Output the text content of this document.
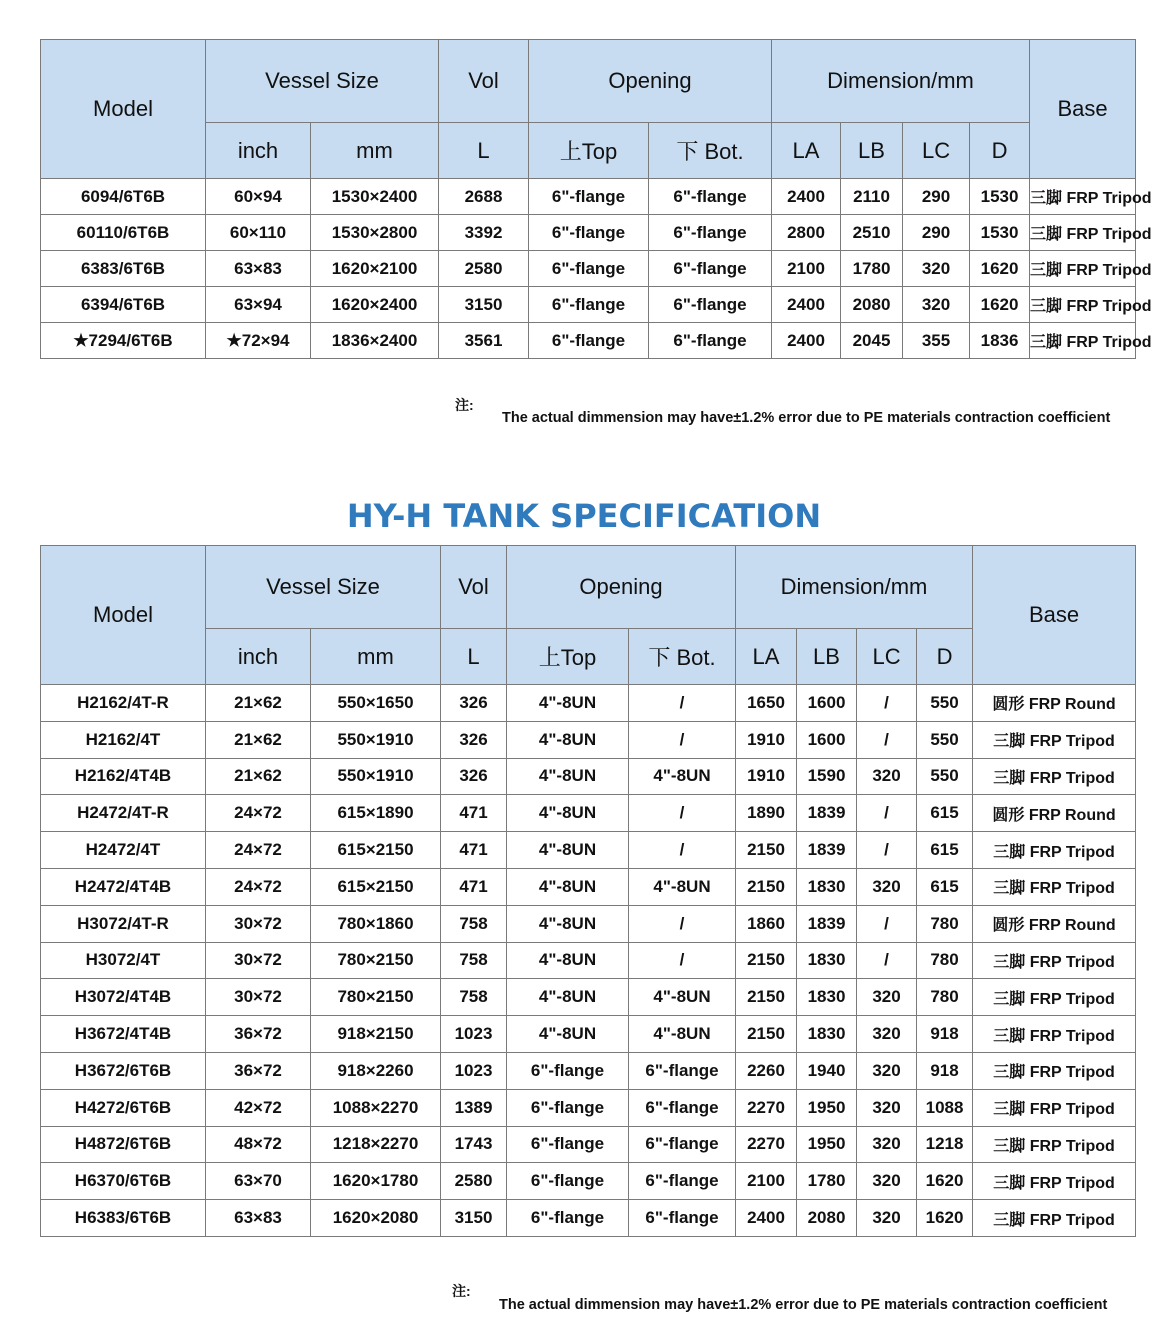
Model	Vessel Size		Vol	Opening		Dimension/mm				Base
	inch	mm	L	上Top	下 Bot.	LA	LB	LC	D	
6094/6T6B	60×94	1530×2400	2688	6"-flange	6"-flange	2400	2110	290	1530	三脚 FRP Tripod
60110/6T6B	60×110	1530×2800	3392	6"-flange	6"-flange	2800	2510	290	1530	三脚 FRP Tripod
6383/6T6B	63×83	1620×2100	2580	6"-flange	6"-flange	2100	1780	320	1620	三脚 FRP Tripod
6394/6T6B	63×94	1620×2400	3150	6"-flange	6"-flange	2400	2080	320	1620	三脚 FRP Tripod
★7294/6T6B	★72×94	1836×2400	3561	6"-flange	6"-flange	2400	2045	355	1836	三脚 FRP Tripod
注:
The actual dimmension may have±1.2% error due to PE materials contraction coefficient
HY-H TANK SPECIFICATION
Model	Vessel Size		Vol	Opening		Dimension/mm				Base
	inch	mm	L	上Top	下 Bot.	LA	LB	LC	D	
H2162/4T-R	21×62	550×1650	326	4"-8UN	/	1650	1600	/	550	圆形 FRP Round
H2162/4T	21×62	550×1910	326	4"-8UN	/	1910	1600	/	550	三脚 FRP Tripod
H2162/4T4B	21×62	550×1910	326	4"-8UN	4"-8UN	1910	1590	320	550	三脚 FRP Tripod
H2472/4T-R	24×72	615×1890	471	4"-8UN	/	1890	1839	/	615	圆形 FRP Round
H2472/4T	24×72	615×2150	471	4"-8UN	/	2150	1839	/	615	三脚 FRP Tripod
H2472/4T4B	24×72	615×2150	471	4"-8UN	4"-8UN	2150	1830	320	615	三脚 FRP Tripod
H3072/4T-R	30×72	780×1860	758	4"-8UN	/	1860	1839	/	780	圆形 FRP Round
H3072/4T	30×72	780×2150	758	4"-8UN	/	2150	1830	/	780	三脚 FRP Tripod
H3072/4T4B	30×72	780×2150	758	4"-8UN	4"-8UN	2150	1830	320	780	三脚 FRP Tripod
H3672/4T4B	36×72	918×2150	1023	4"-8UN	4"-8UN	2150	1830	320	918	三脚 FRP Tripod
H3672/6T6B	36×72	918×2260	1023	6"-flange	6"-flange	2260	1940	320	918	三脚 FRP Tripod
H4272/6T6B	42×72	1088×2270	1389	6"-flange	6"-flange	2270	1950	320	1088	三脚 FRP Tripod
H4872/6T6B	48×72	1218×2270	1743	6"-flange	6"-flange	2270	1950	320	1218	三脚 FRP Tripod
H6370/6T6B	63×70	1620×1780	2580	6"-flange	6"-flange	2100	1780	320	1620	三脚 FRP Tripod
H6383/6T6B	63×83	1620×2080	3150	6"-flange	6"-flange	2400	2080	320	1620	三脚 FRP Tripod
注:
The actual dimmension may have±1.2% error due to PE materials contraction coefficient
